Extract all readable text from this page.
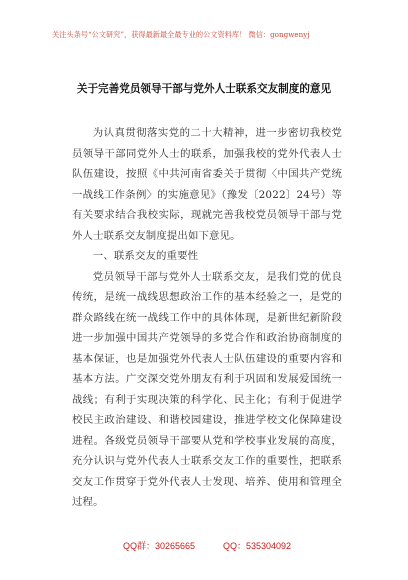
关注头条号“公文研究”，获得最新最全最专业的公文资料库！ 微信：gongwenyj
关于完善党员领导干部与党外人士联系交友制度的意见

为认真贯彻落实党的二十大精神，进一步密切我校党员领导干部同党外人士的联系，加强我校的党外代表人士队伍建设，按照《中共河南省委关于贯彻〈中国共产党统一战线工作条例〉的实施意见》（豫发〔2022〕24号）等有关要求结合我校实际，现就完善我校党员领导干部与党外人士联系交友制度提出如下意见。

一、联系交友的重要性

党员领导干部与党外人士联系交友，是我们党的优良传统，是统一战线思想政治工作的基本经验之一，是党的群众路线在统一战线工作中的具体体现，是新世纪新阶段进一步加强中国共产党领导的多党合作和政治协商制度的基本保证，也是加强党外代表人士队伍建设的重要内容和基本方法。广交深交党外朋友有利于巩固和发展爱国统一战线；有利于实现决策的科学化、民主化；有利于促进学校民主政治建设、和谐校园建设，推进学校文化保障建设进程。各级党员领导干部要从党和学校事业发展的高度，充分认识与党外代表人士联系交友工作的重要性，把联系交友工作贯穿于党外代表人士发现、培养、使用和管理全过程。

QQ群：30265665	QQ：535304092
